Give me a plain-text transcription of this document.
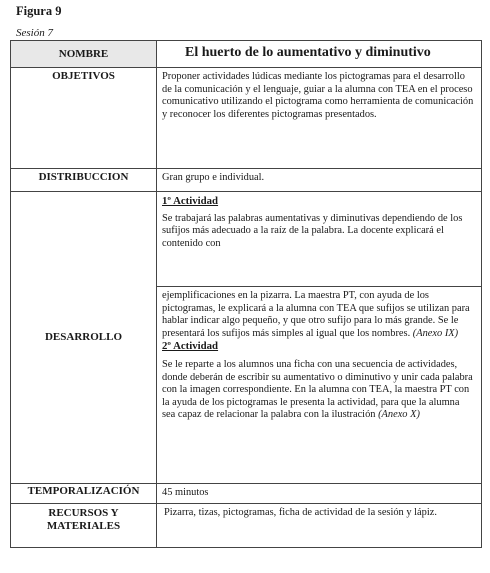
Figura 9
Sesión 7
NOMBRE	El huerto de lo aumentativo y diminutivo
OBJETIVOS	Proponer actividades lúdicas mediante los pictogramas para el desarrollo de la comunicación y el lenguaje, guiar a la alumna con TEA en el proceso comunicativo utilizando el pictograma como herramienta de comunicación y reconocer los diferentes pictogramas presentados.
DISTRIBUCCION	Gran grupo e individual.
DESARROLLO	1º Actividad

Se trabajará las palabras aumentativas y diminutivas dependiendo de los sufijos más adecuado a la raíz de la palabra. La docente explicará el contenido con

	ejemplificaciones en la pizarra. La maestra PT, con ayuda de los pictogramas, le explicará a la alumna con TEA que sufijos se utilizan para hablar indicar algo pequeño, y que otro sufijo para lo más grande. Se le presentará los sufijos más simples al igual que los nombres. (Anexo IX)

2º Actividad

Se le reparte a los alumnos una ficha con una secuencia de actividades, donde deberán de escribir su aumentativo o diminutivo y unir cada palabra con la imagen correspondiente. En la alumna con TEA, la maestra PT con la ayuda de los pictogramas le presenta la actividad, para que la alumna sea capaz de relacionar la palabra con la ilustración (Anexo X)

TEMPORALIZACIÓN	45 minutos

RECURSOS Y
MATERIALES	Pizarra, tizas, pictogramas, ficha de actividad de la sesión y lápiz.
